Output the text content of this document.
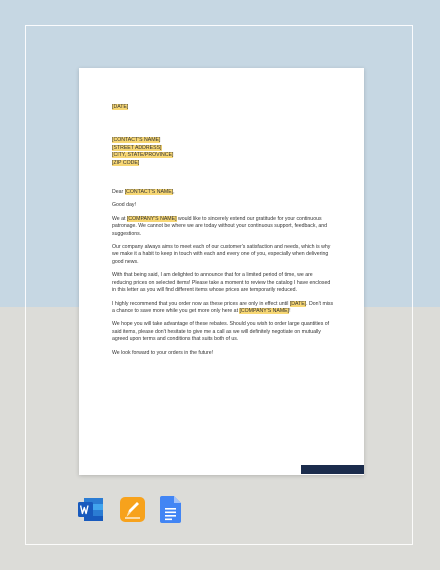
[DATE]
[CONTACT'S NAME]
[STREET ADDRESS]
[CITY, STATE/PROVINCE]
[ZIP CODE]

Dear [CONTACT'S NAME],

Good day!

We at [COMPANY'S NAME] would like to sincerely extend our gratitude for your continuous patronage. We cannot be where we are today without your continuous support, feedback, and suggestions.

Our company always aims to meet each of our customer's satisfaction and needs, which is why we make it a habit to keep in touch with each and every one of you, especially when delivering good news.

With that being said, I am delighted to announce that for a limited period of time, we are reducing prices on selected items! Please take a moment to review the catalog I have enclosed in this letter as you will find different items whose prices are temporarily reduced.

I highly recommend that you order now as these prices are only in effect until [DATE]. Don't miss a chance to save more while you get more only here at [COMPANY'S NAME]!

We hope you will take advantage of these rebates. Should you wish to order large quantities of said items, please don't hesitate to give me a call as we will definitely negotiate on mutually agreed upon terms and conditions that suits both of us.

We look forward to your orders in the future!
